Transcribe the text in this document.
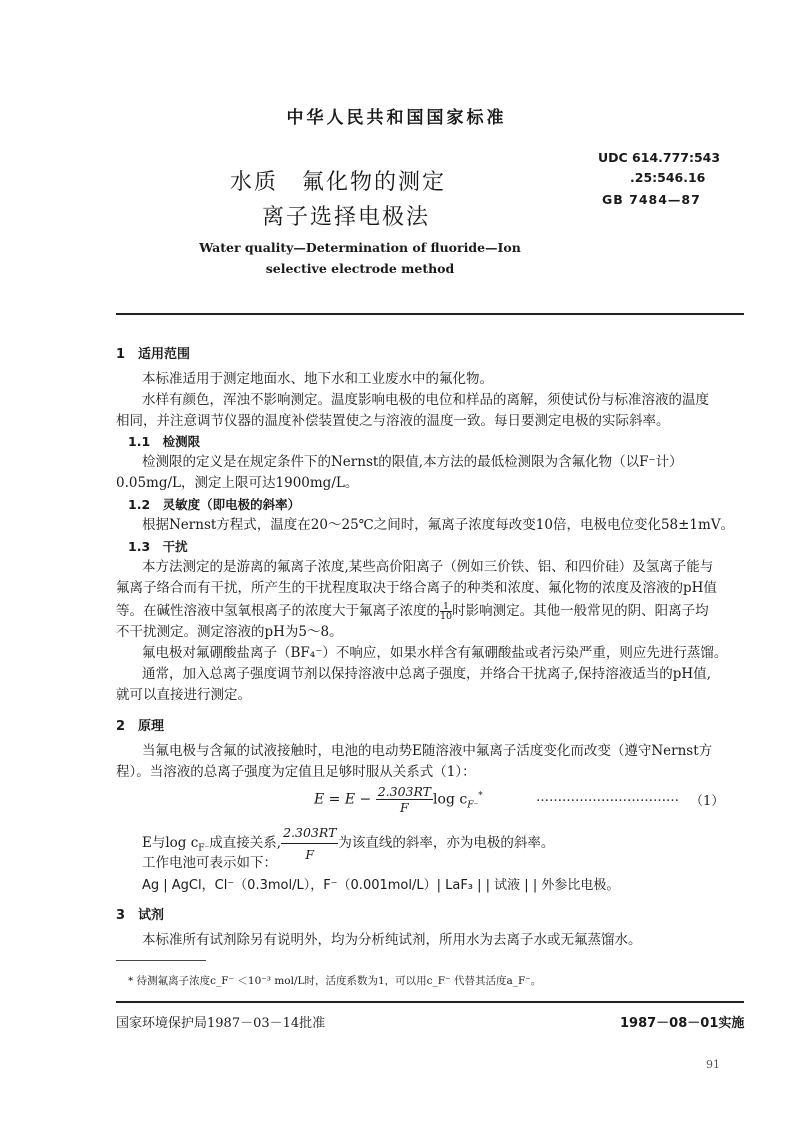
中华人民共和国国家标准
水质　氟化物的测定
离子选择电极法
UDC 614.777:543
.25:546.16
GB 7484—87
Water quality—Determination of fluoride—Ion
selective electrode method
1　适用范围
本标准适用于测定地面水、地下水和工业废水中的氟化物。
水样有颜色，浑浊不影响测定。温度影响电极的电位和样品的离解，须使试份与标准溶液的温度
相同，并注意调节仪器的温度补偿装置使之与溶液的温度一致。每日要测定电极的实际斜率。
1.1　检测限
检测限的定义是在规定条件下的Nernst的限值,本方法的最低检测限为含氟化物（以F⁻计）
0.05mg/L，测定上限可达1900mg/L。
1.2　灵敏度（即电极的斜率）
根据Nernst方程式，温度在20～25℃之间时，氟离子浓度每改变10倍，电极电位变化58±1mV。
1.3　干扰
本方法测定的是游离的氟离子浓度,某些高价阳离子（例如三价铁、铝、和四价硅）及氢离子能与
氟离子络合而有干扰，所产生的干扰程度取决于络合离子的种类和浓度、氟化物的浓度及溶液的pH值
等。在碱性溶液中氢氧根离子的浓度大于氟离子浓度的 $\frac{1}{10}$ 时影响测定。其他一般常见的阴、阳离子均
不干扰测定。测定溶液的pH为5～8。
氟电极对氟硼酸盐离子（BF₄⁻）不响应，如果水样含有氟硼酸盐或者污染严重，则应先进行蒸馏。
通常，加入总离子强度调节剂以保持溶液中总离子强度，并络合干扰离子,保持溶液适当的pH值,
就可以直接进行测定。
2　原理
当氟电极与含氟的试液接触时，电池的电动势E随溶液中氟离子活度变化而改变（遵守Nernst方
程）。当溶液的总离子强度为定值且足够时服从关系式（1）：
$E = E - \frac{2.303RT}{F}$ $\log c_{F^-}^*$	…………………………… （1）
E与$\log c_{F^-}$成直接关系, $\frac{2.303RT}{F}$ 为该直线的斜率，亦为电极的斜率。
工作电池可表示如下：
Ag | AgCl，Cl⁻（0.3mol/L），F⁻（0.001mol/L）| LaF₃ | | 试液 | | 外参比电极。
3　试剂
本标准所有试剂除另有说明外，均为分析纯试剂，所用水为去离子水或无氟蒸馏水。
* 待测氟离子浓度c_F⁻ ＜10⁻³ mol/L时，活度系数为1，可以用c_F⁻ 代替其活度a_F⁻。
国家环境保护局1987－03－14批准	1987－08－01实施
91
